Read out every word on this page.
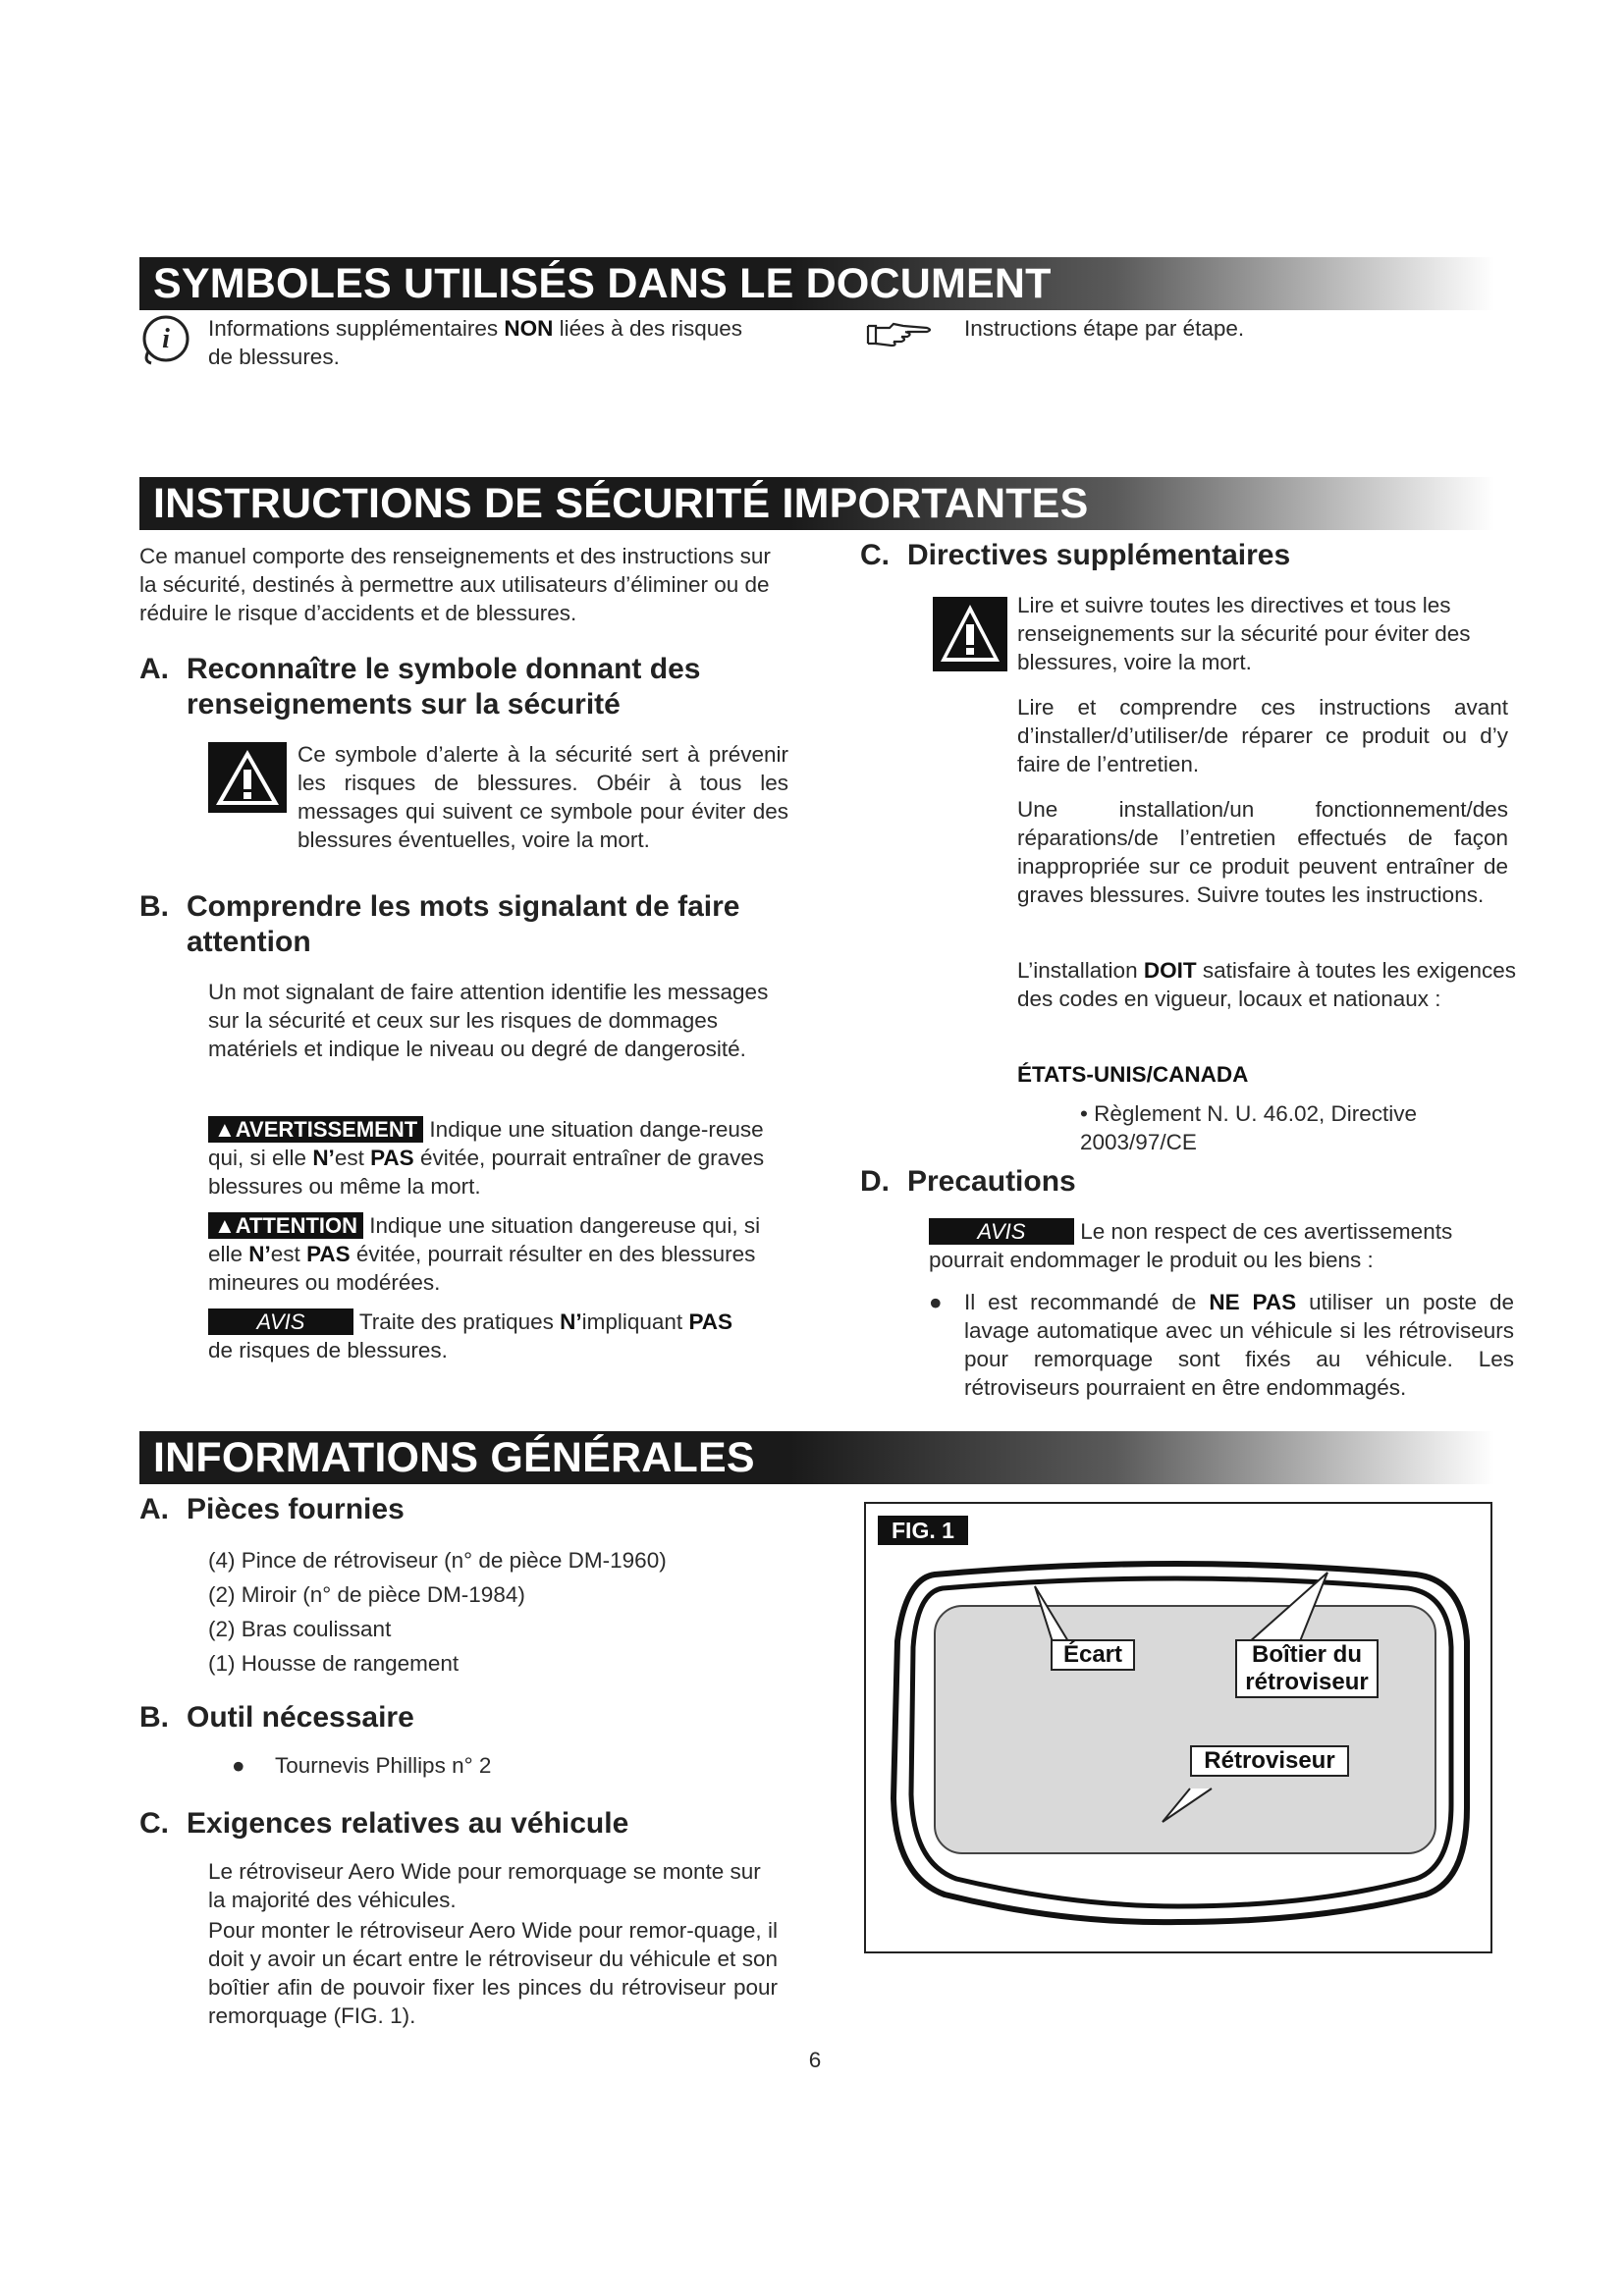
SYMBOLES UTILISÉS DANS LE DOCUMENT
i Informations supplémentaires NON liées à des risques
de blessures.
Instructions étape par étape.
INSTRUCTIONS DE SÉCURITÉ IMPORTANTES
Ce manuel comporte des renseignements et des instructions sur la sécurité, destinés à permettre aux utilisateurs d’éliminer ou de réduire le risque d’accidents et de blessures.
A. Reconnaître le symbole donnant des
renseignements sur la sécurité
Ce symbole d’alerte à la sécurité sert à prévenir les risques de blessures. Obéir à tous les messages qui suivent ce symbole pour éviter des blessures éventuelles, voire la mort.
B. Comprendre les mots signalant de faire
attention
Un mot signalant de faire attention identifie les messages sur la sécurité et ceux sur les risques de dommages matériels et indique le niveau ou degré de dangerosité.
▲AVERTISSEMENT Indique une situation dange-reuse qui, si elle N’est PAS évitée, pourrait entraîner de graves blessures ou même la mort.
▲ATTENTION Indique une situation dangereuse qui, si elle N’est PAS évitée, pourrait résulter en des blessures mineures ou modérées.
AVIS Traite des pratiques N’impliquant PAS
de risques de blessures.
C. Directives supplémentaires
Lire et suivre toutes les directives et tous les renseignements sur la sécurité pour éviter des blessures, voire la mort.
Lire et comprendre ces instructions avant d’installer/d’utiliser/de réparer ce produit ou d’y faire de l’entretien.
Une installation/un fonctionnement/des réparations/de l’entretien effectués de façon inappropriée sur ce produit peuvent entraîner de graves blessures. Suivre toutes les instructions.
L’installation DOIT satisfaire à toutes les exigences des codes en vigueur, locaux et nationaux :
ÉTATS-UNIS/CANADA
• Règlement N. U. 46.02, Directive 2003/97/CE
D. Precautions
AVIS Le non respect de ces avertissements pourrait endommager le produit ou les biens :
● Il est recommandé de NE PAS utiliser un poste de lavage automatique avec un véhicule si les rétroviseurs pour remorquage sont fixés au véhicule. Les rétroviseurs pourraient en être endommagés.
INFORMATIONS GÉNÉRALES
A. Pièces fournies
(4) Pince de rétroviseur (n° de pièce DM-1960)
(2) Miroir (n° de pièce DM-1984)
(2) Bras coulissant
(1) Housse de rangement
B. Outil nécessaire
● Tournevis Phillips n° 2
C. Exigences relatives au véhicule
Le rétroviseur Aero Wide pour remorquage se monte sur la majorité des véhicules.
Pour monter le rétroviseur Aero Wide pour remor-quage, il doit y avoir un écart entre le rétroviseur du véhicule et son boîtier afin de pouvoir fixer les pinces du rétroviseur pour remorquage (FIG. 1).
FIG. 1
Écart	Boîtier du
rétroviseur
Rétroviseur
6
